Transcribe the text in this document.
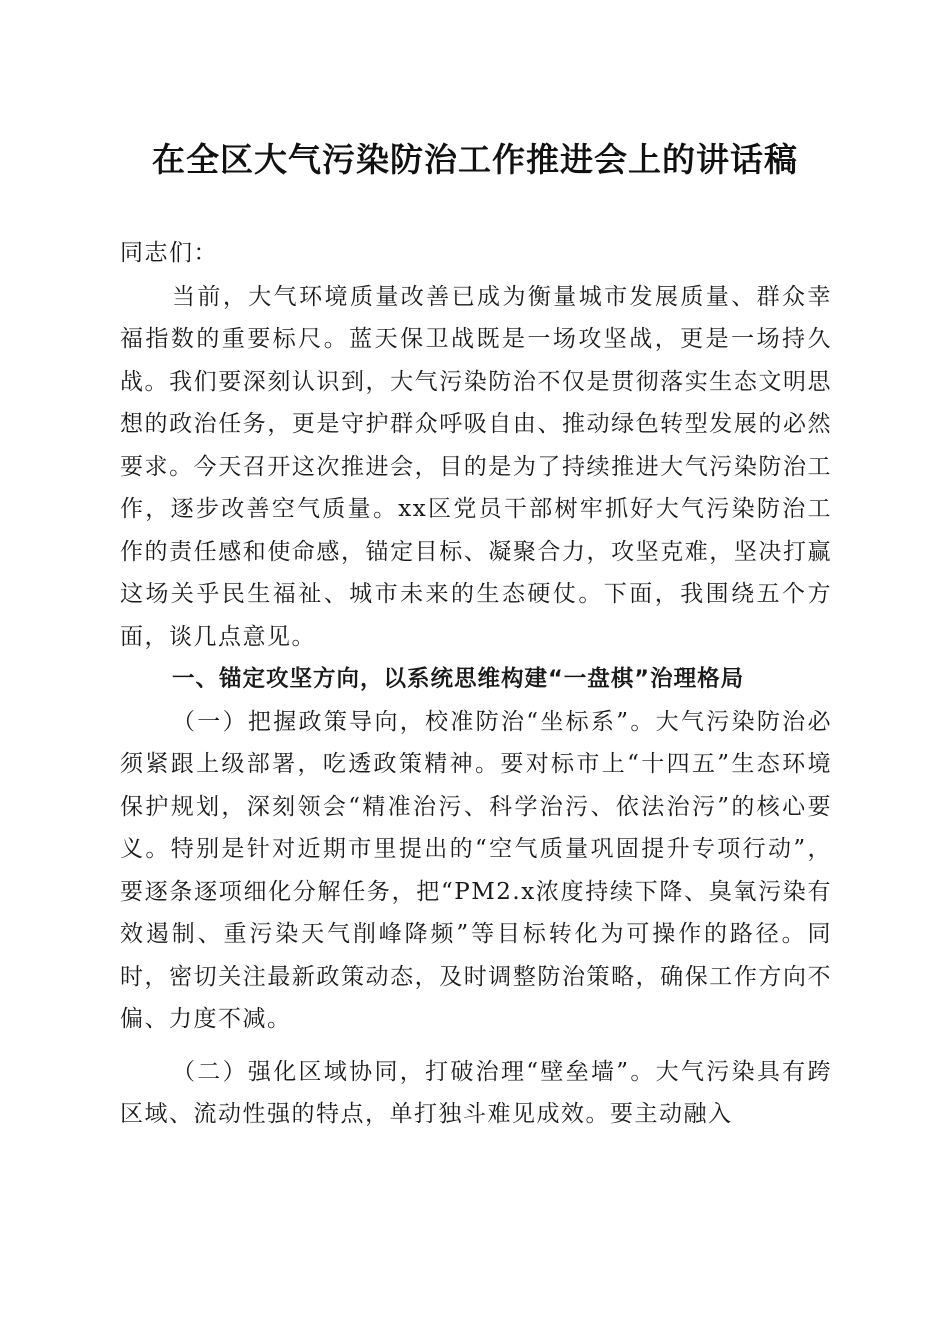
在全区大气污染防治工作推进会上的讲话稿

同志们：

当前，大气环境质量改善已成为衡量城市发展质量、群众幸福指数的重要标尺。蓝天保卫战既是一场攻坚战，更是一场持久战。我们要深刻认识到，大气污染防治不仅是贯彻落实生态文明思想的政治任务，更是守护群众呼吸自由、推动绿色转型发展的必然要求。今天召开这次推进会，目的是为了持续推进大气污染防治工作，逐步改善空气质量。xx区党员干部树牢抓好大气污染防治工作的责任感和使命感，锚定目标、凝聚合力，攻坚克难，坚决打赢这场关乎民生福祉、城市未来的生态硬仗。下面，我围绕五个方面，谈几点意见。

一、锚定攻坚方向，以系统思维构建“一盘棋”治理格局

（一）把握政策导向，校准防治“坐标系”。大气污染防治必须紧跟上级部署，吃透政策精神。要对标市上“十四五”生态环境保护规划，深刻领会“精准治污、科学治污、依法治污”的核心要义。特别是针对近期市里提出的“空气质量巩固提升专项行动”，要逐条逐项细化分解任务，把“PM2.x浓度持续下降、臭氧污染有效遏制、重污染天气削峰降频”等目标转化为可操作的路径。同时，密切关注最新政策动态，及时调整防治策略，确保工作方向不偏、力度不减。

（二）强化区域协同，打破治理“壁垒墙”。大气污染具有跨区域、流动性强的特点，单打独斗难见成效。要主动融入
